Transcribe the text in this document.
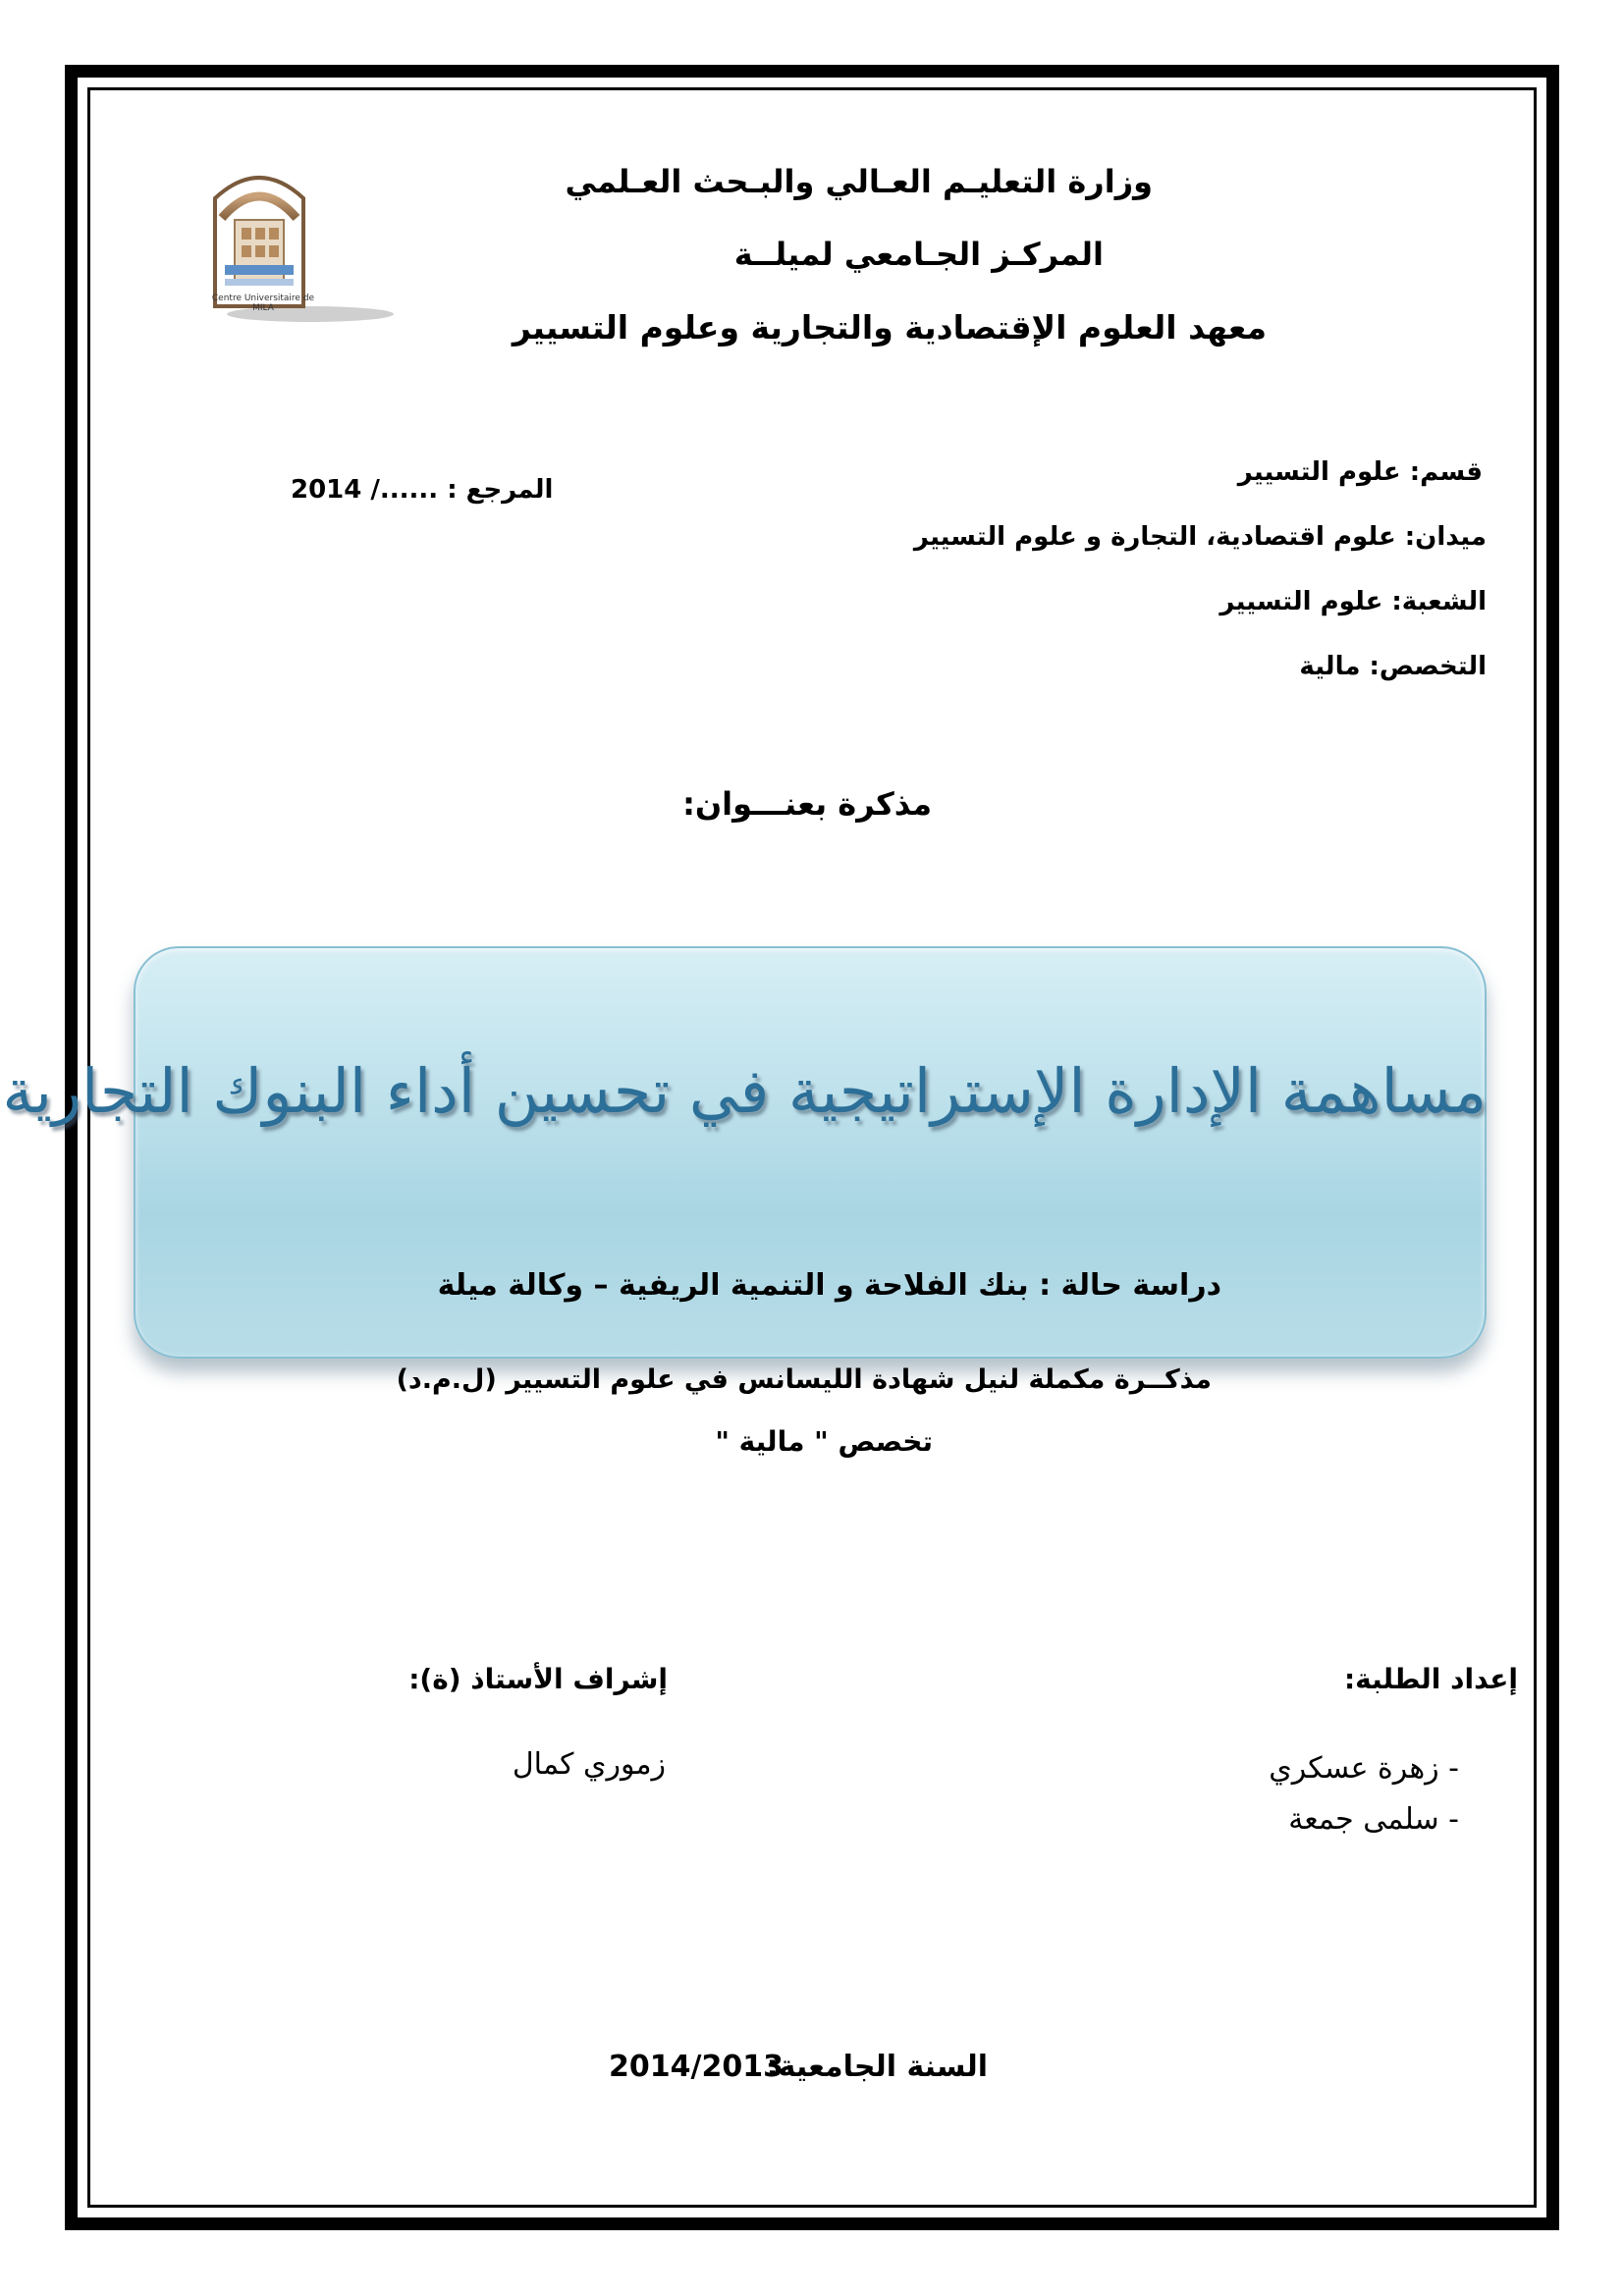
Centre Universitaire de MILA
وزارة التعليـم العـالي والبـحث العـلمي
المركـز الجـامعي لميلــة
معهد العلوم الإقتصادية والتجارية وعلوم التسيير
قسم: علوم التسيير
المرجع : ....../ 2014
ميدان: علوم اقتصادية، التجارة و علوم التسيير
الشعبة: علوم التسيير
التخصص: مالية
مذكرة بعنـــوان:
مساهمة الإدارة الإستراتيجية في تحسين أداء البنوك التجارية
دراسة حالة : بنك الفلاحة و التنمية الريفية – وكالة ميلة
مذكــرة مكملة لنيل شهادة الليسانس في علوم التسيير (ل.م.د)
تخصص " مالية "
إعداد الطلبة:
- زهرة عسكري
- سلمى جمعة
إشراف الأستاذ (ة):
زموري كمال
السنة الجامعية:
2014/2013
